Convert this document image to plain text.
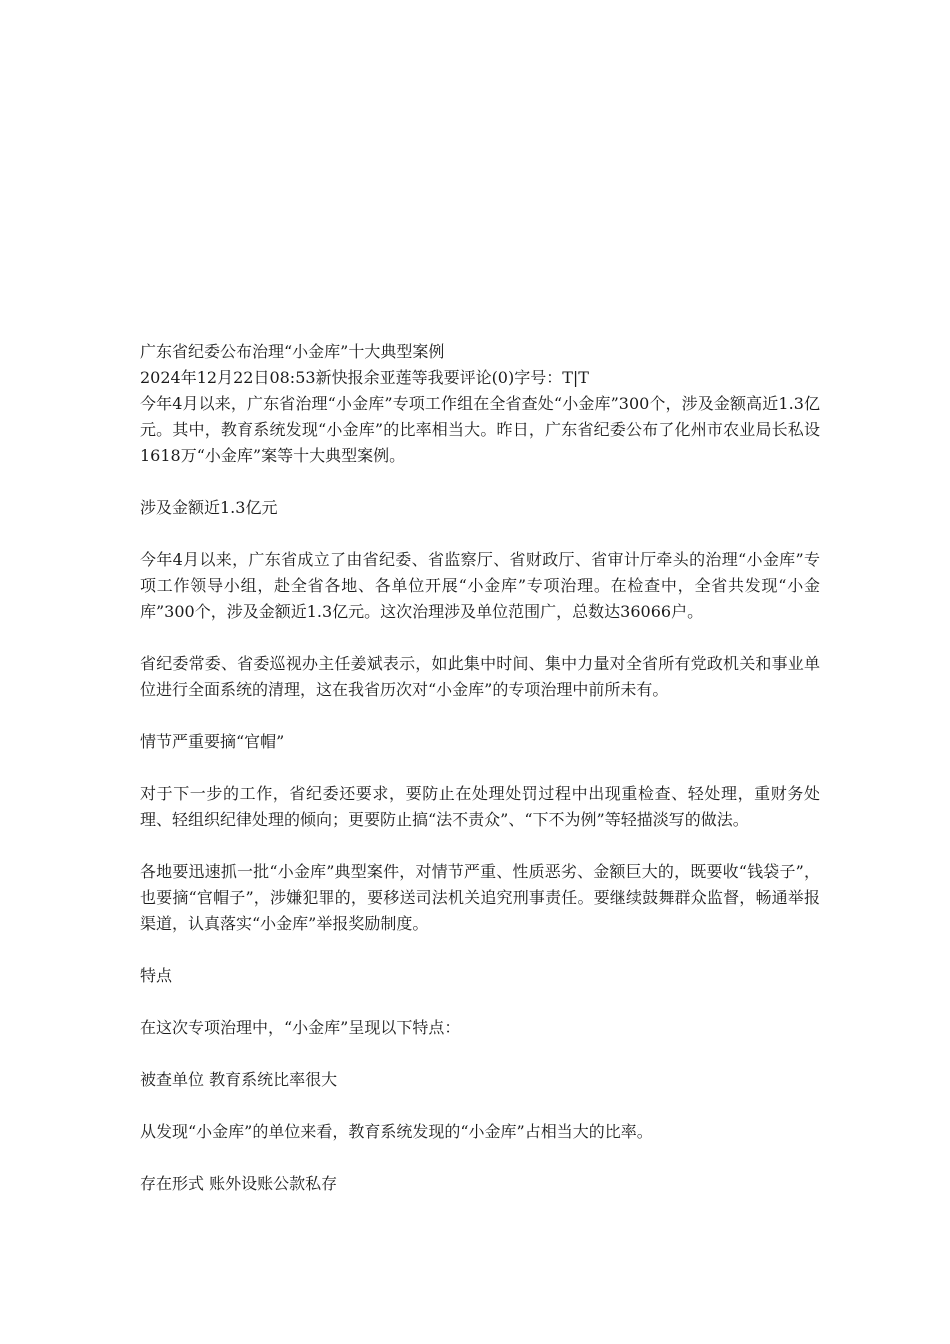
广东省纪委公布治理“小金库”十大典型案例

2024年12月22日08:53新快报余亚莲等我要评论(0)字号：T|T

今年4月以来，广东省治理“小金库”专项工作组在全省查处“小金库”300个，涉及金额高近1.3亿元。其中，教育系统发现“小金库”的比率相当大。昨日，广东省纪委公布了化州市农业局长私设1618万“小金库”案等十大典型案例。

涉及金额近1.3亿元

今年4月以来，广东省成立了由省纪委、省监察厅、省财政厅、省审计厅牵头的治理“小金库”专项工作领导小组，赴全省各地、各单位开展“小金库”专项治理。在检查中，全省共发现“小金库”300个，涉及金额近1.3亿元。这次治理涉及单位范围广，总数达36066户。

省纪委常委、省委巡视办主任姜斌表示，如此集中时间、集中力量对全省所有党政机关和事业单位进行全面系统的清理，这在我省历次对“小金库”的专项治理中前所未有。

情节严重要摘“官帽”

对于下一步的工作，省纪委还要求，要防止在处理处罚过程中出现重检查、轻处理，重财务处理、轻组织纪律处理的倾向；更要防止搞“法不责众”、“下不为例”等轻描淡写的做法。

各地要迅速抓一批“小金库”典型案件，对情节严重、性质恶劣、金额巨大的，既要收“钱袋子”，也要摘“官帽子”，涉嫌犯罪的，要移送司法机关追究刑事责任。要继续鼓舞群众监督，畅通举报渠道，认真落实“小金库”举报奖励制度。

特点

在这次专项治理中，“小金库”呈现以下特点：

被查单位 教育系统比率很大

从发现“小金库”的单位来看，教育系统发现的“小金库”占相当大的比率。

存在形式 账外设账公款私存
